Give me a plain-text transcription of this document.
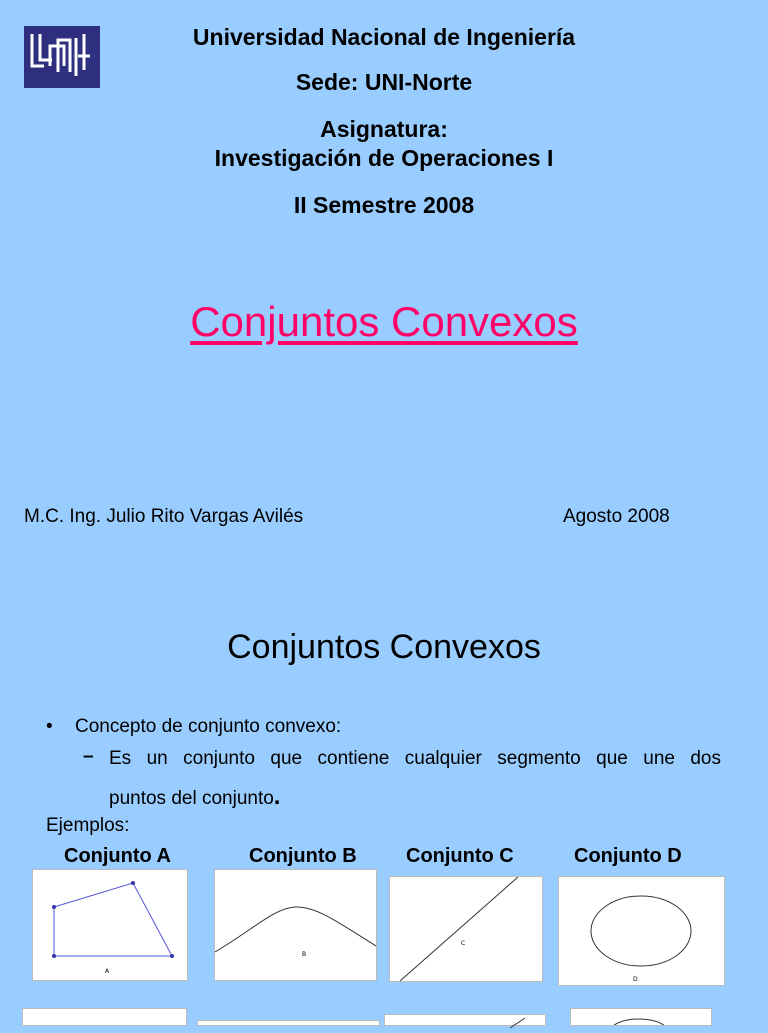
Universidad Nacional de Ingeniería
Sede: UNI-Norte
Asignatura:
Investigación de Operaciones I
II Semestre 2008
Conjuntos Convexos
M.C. Ing. Julio Rito Vargas Avilés	Agosto 2008
Conjuntos Convexos
• Concepto de conjunto convexo:
– Es un conjunto que contiene cualquier segmento que une dos
puntos del conjunto.
Ejemplos:
Conjunto A	Conjunto B Conjunto C	Conjunto D
A
B
C
D
